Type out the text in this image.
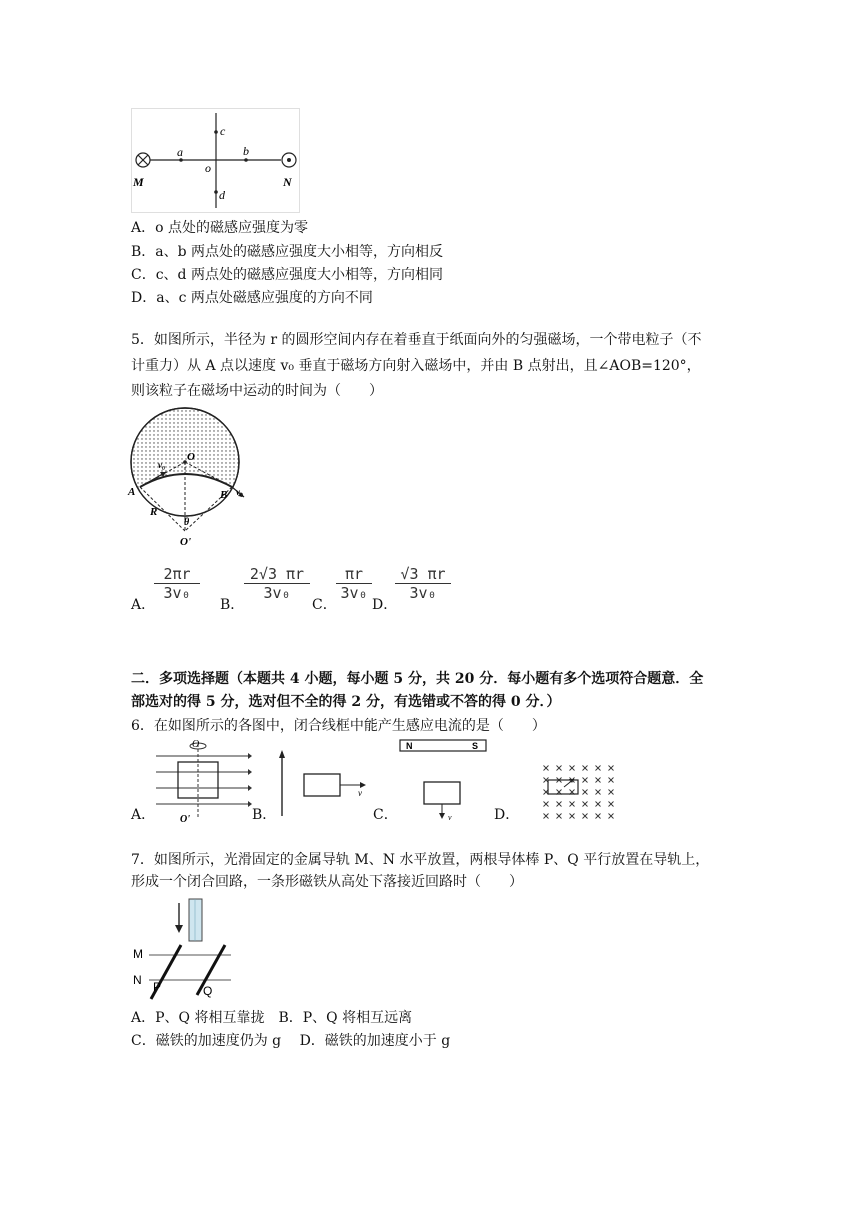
a	b
c
d
o
M	N
A．o 点处的磁感应强度为零
B．a、b 两点处的磁感应强度大小相等，方向相反
C．c、d 两点处的磁感应强度大小相等，方向相同
D．a、c 两点处磁感应强度的方向不同
5．如图所示，半径为 r 的圆形空间内存在着垂直于纸面向外的匀强磁场，一个带电粒子（不
计重力）从 A 点以速度 v₀ 垂直于磁场方向射入磁场中，并由 B 点射出，且∠AOB=120°，
则该粒子在磁场中运动的时间为（　　）
O
A	B
R
O'
v₀
v₀
θ
A．
$\frac{2\pi r}{\text{3v₀}}$
B．
$\frac{2√3 \pi r}{\text{3v₀}}$
C．
$\frac{\pi r}{\text{3v₀}}$
D．
$\frac{√3 \pi r}{\text{3v₀}}$
二．多项选择题（本题共 4 小题，每小题 5 分，共 20 分．每小题有多个选项符合题意．全
部选对的得 5 分，选对但不全的得 2 分，有选错或不答的得 0 分．）
6．在如图所示的各图中，闭合线框中能产生感应电流的是（　　）
O
O'
A．
v
B．
N	S
v
C．	D．
7．如图所示，光滑固定的金属导轨 M、N 水平放置，两根导体棒 P、Q 平行放置在导轨上，
形成一个闭合回路，一条形磁铁从高处下落接近回路时（　　）
M
N P	Q
A．P、Q 将相互靠拢　B．P、Q 将相互远离
C．磁铁的加速度仍为 g　 D．磁铁的加速度小于 g
